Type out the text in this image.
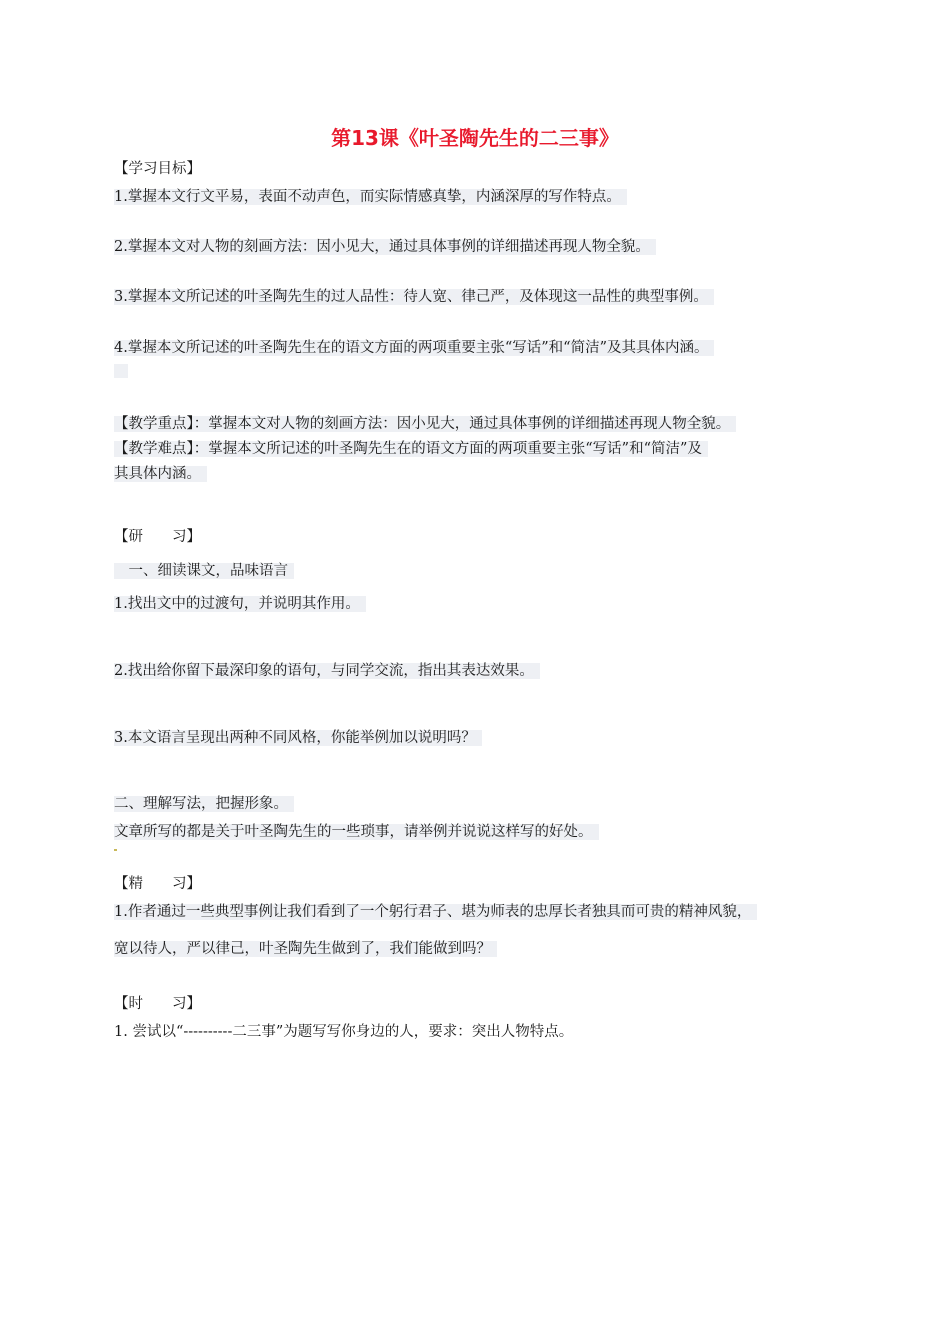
第13课《叶圣陶先生的二三事》
【学习目标】
1.掌握本文行文平易，表面不动声色，而实际情感真挚，内涵深厚的写作特点。
2.掌握本文对人物的刻画方法：因小见大，通过具体事例的详细描述再现人物全貌。
3.掌握本文所记述的叶圣陶先生的过人品性：待人宽、律己严，及体现这一品性的典型事例。
4.掌握本文所记述的叶圣陶先生在的语文方面的两项重要主张“写话”和“简洁”及其具体内涵。
【教学重点】：掌握本文对人物的刻画方法：因小见大，通过具体事例的详细描述再现人物全貌。
【教学难点】：掌握本文所记述的叶圣陶先生在的语文方面的两项重要主张“写话”和“简洁”及
其具体内涵。
【研　　习】
　一、细读课文，品味语言
1.找出文中的过渡句，并说明其作用。
2.找出给你留下最深印象的语句，与同学交流，指出其表达效果。
3.本文语言呈现出两种不同风格，你能举例加以说明吗？
二、理解写法，把握形象。
文章所写的都是关于叶圣陶先生的一些琐事，请举例并说说这样写的好处。
【精　　习】
1.作者通过一些典型事例让我们看到了一个躬行君子、堪为师表的忠厚长者独具而可贵的精神风貌，
宽以待人，严以律己，叶圣陶先生做到了，我们能做到吗？
【时　　习】
1. 尝试以“----------二三事”为题写写你身边的人，要求：突出人物特点。
